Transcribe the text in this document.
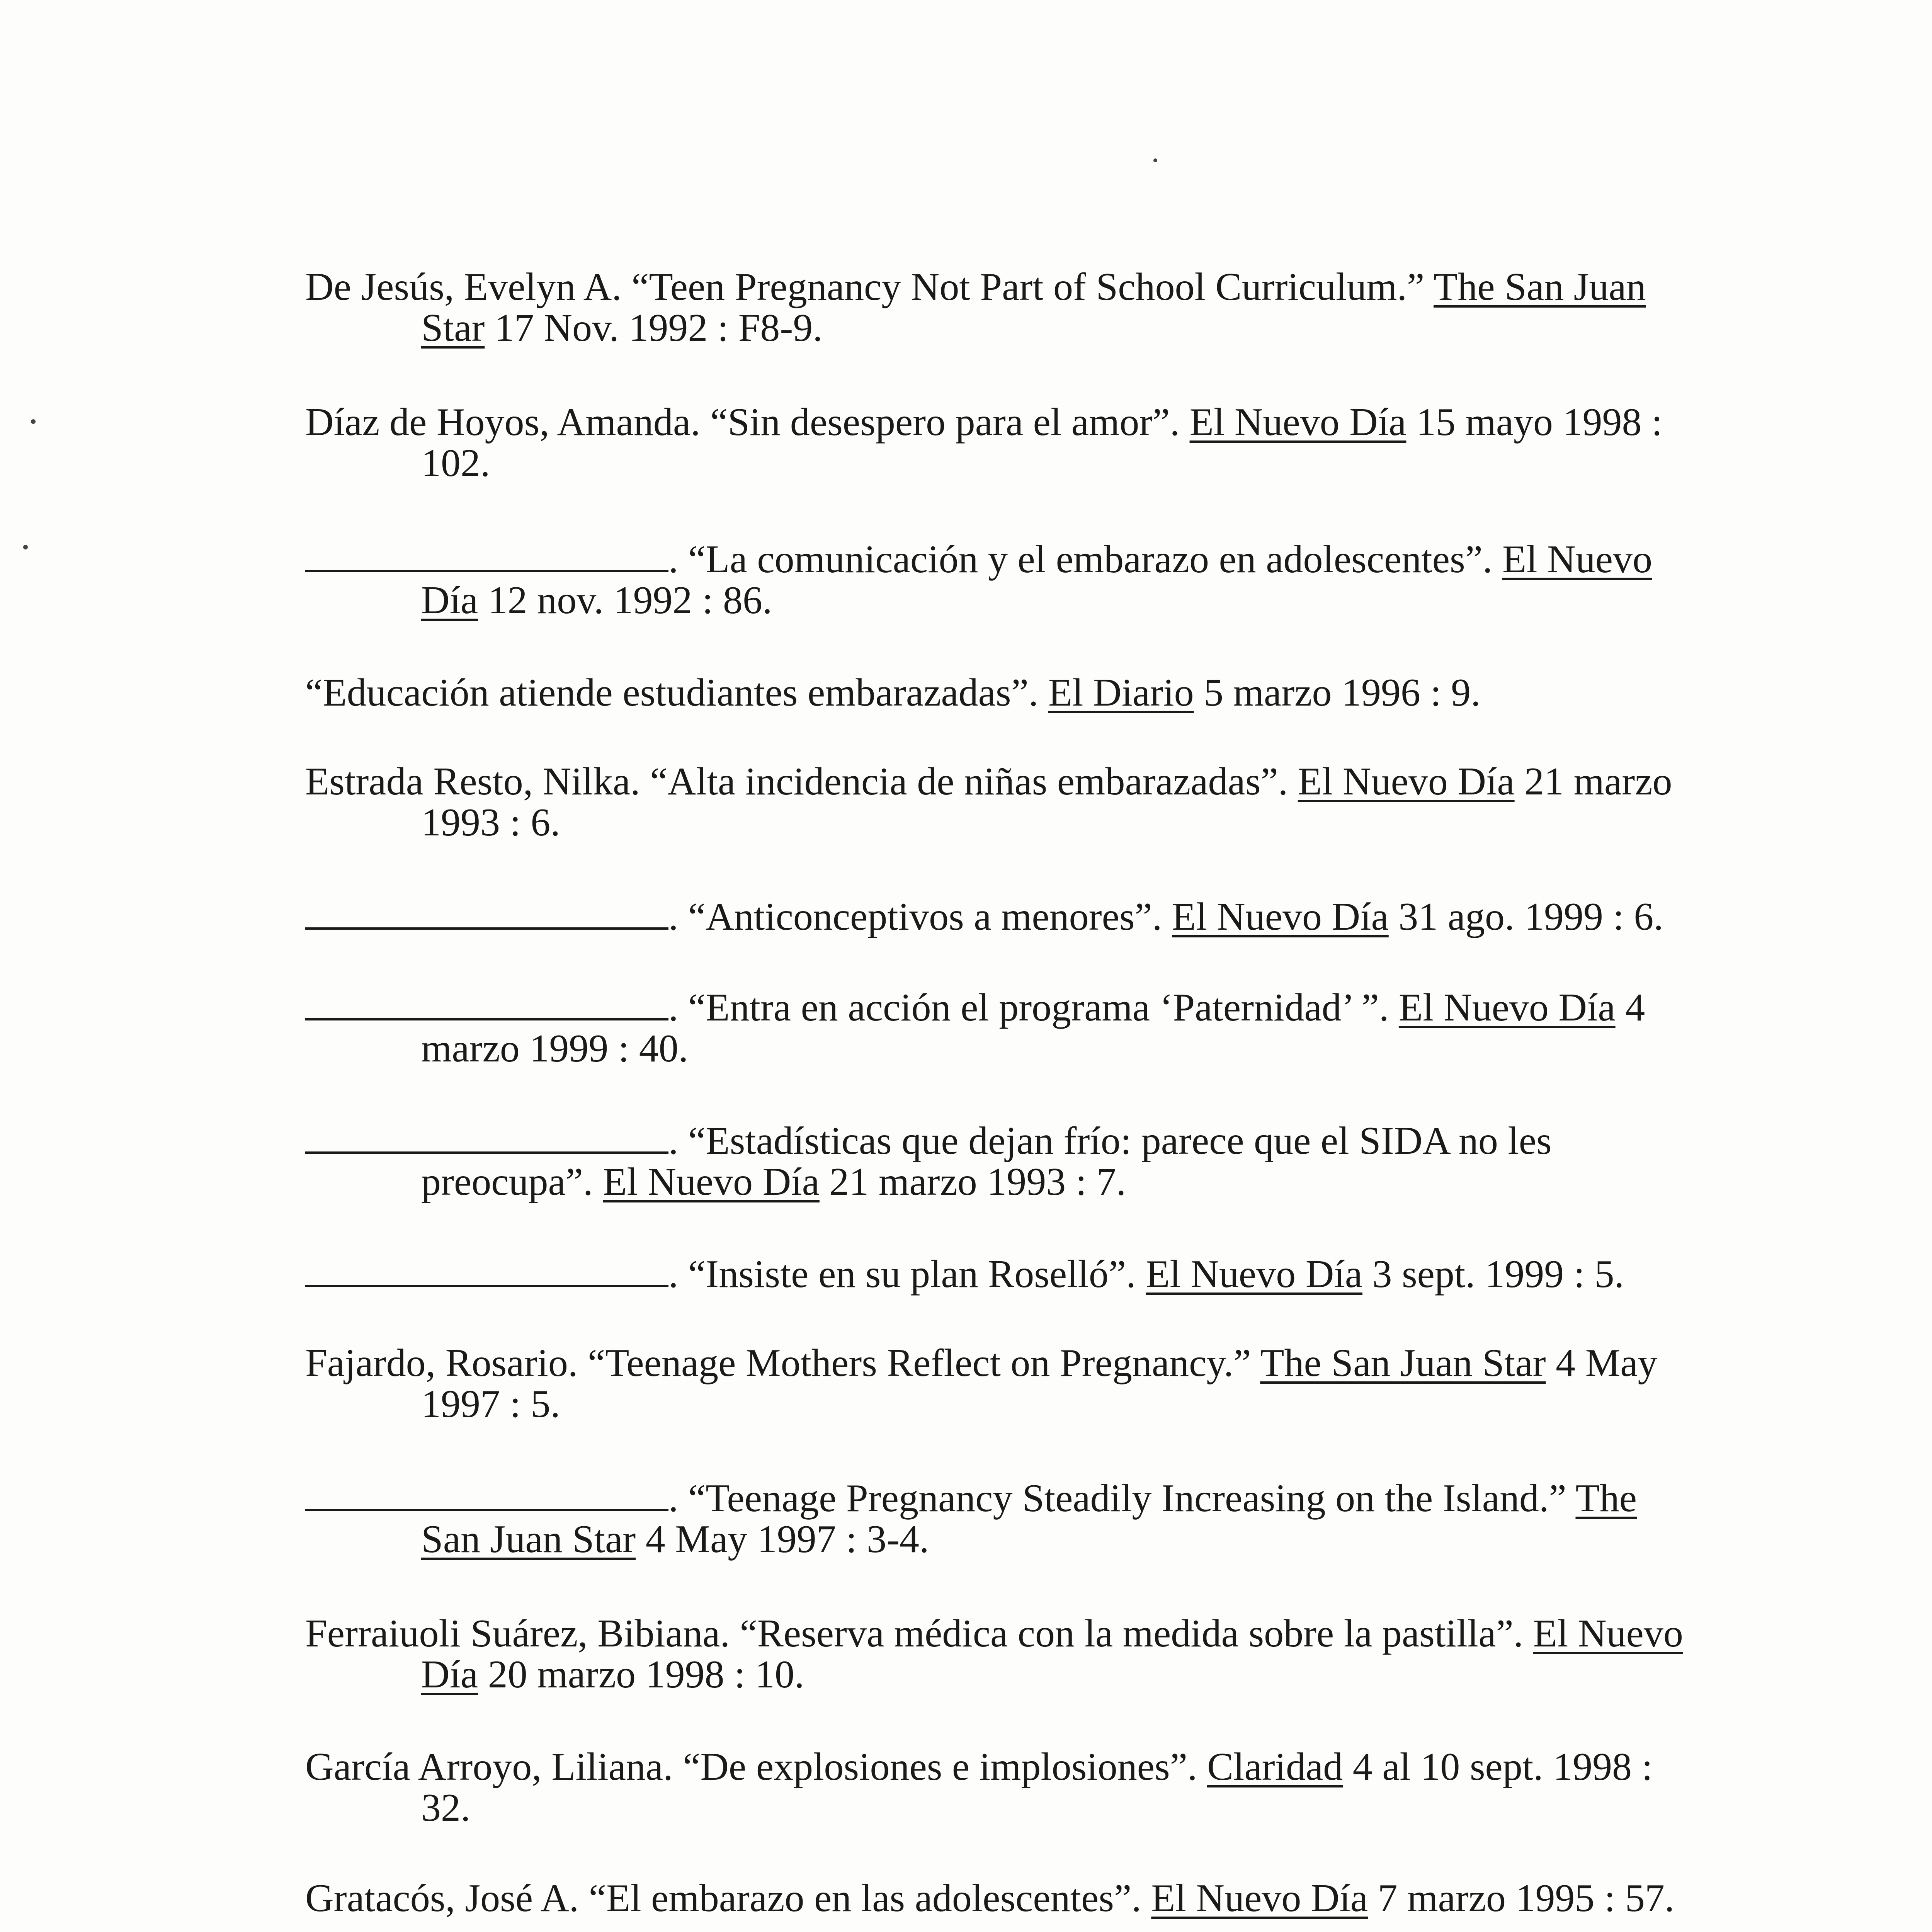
De Jesús, Evelyn A. “Teen Pregnancy Not Part of School Curriculum.” The San Juan
Star 17 Nov. 1992 : F8-9.
Díaz de Hoyos, Amanda. “Sin desespero para el amor”. El Nuevo Día 15 mayo 1998 :
102.
. “La comunicación y el embarazo en adolescentes”. El Nuevo
Día 12 nov. 1992 : 86.
“Educación atiende estudiantes embarazadas”. El Diario 5 marzo 1996 : 9.
Estrada Resto, Nilka. “Alta incidencia de niñas embarazadas”. El Nuevo Día 21 marzo
1993 : 6.
. “Anticonceptivos a menores”. El Nuevo Día 31 ago. 1999 : 6.
. “Entra en acción el programa ‘Paternidad’ ”. El Nuevo Día 4
marzo 1999 : 40.
. “Estadísticas que dejan frío: parece que el SIDA no les
preocupa”. El Nuevo Día 21 marzo 1993 : 7.
. “Insiste en su plan Roselló”. El Nuevo Día 3 sept. 1999 : 5.
Fajardo, Rosario. “Teenage Mothers Reflect on Pregnancy.” The San Juan Star 4 May
1997 : 5.
. “Teenage Pregnancy Steadily Increasing on the Island.” The
San Juan Star 4 May 1997 : 3-4.
Ferraiuoli Suárez, Bibiana. “Reserva médica con la medida sobre la pastilla”. El Nuevo
Día 20 marzo 1998 : 10.
García Arroyo, Liliana. “De explosiones e implosiones”. Claridad 4 al 10 sept. 1998 :
32.
Gratacós, José A. “El embarazo en las adolescentes”. El Nuevo Día 7 marzo 1995 : 57.
